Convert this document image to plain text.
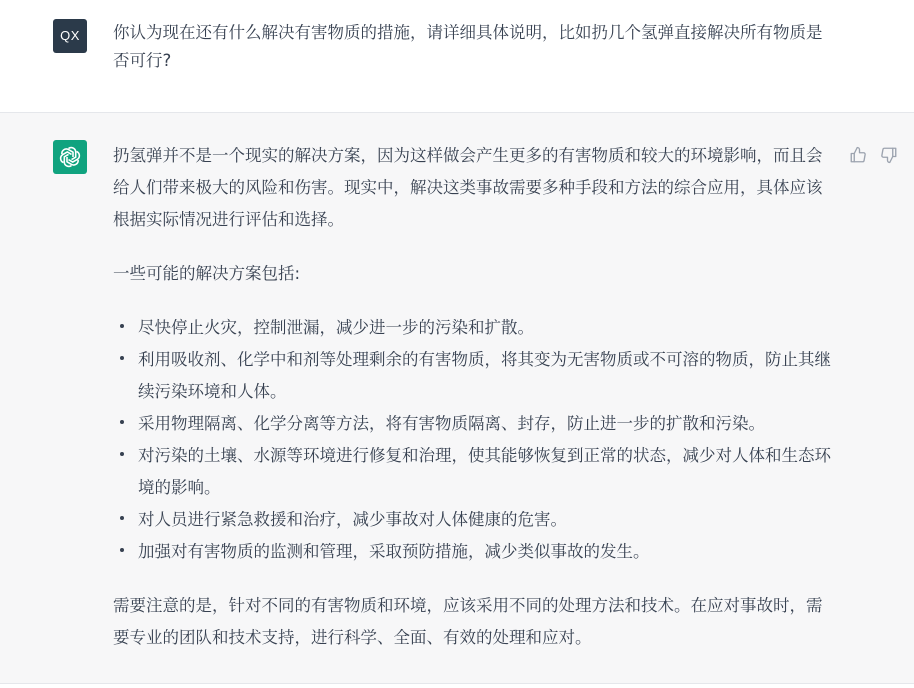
QX	你认为现在还有什么解决有害物质的措施，请详细具体说明，比如扔几个氢弹直接解决所有物质是否可行?

扔氢弹并不是一个现实的解决方案，因为这样做会产生更多的有害物质和较大的环境影响，而且会给人们带来极大的风险和伤害。现实中，解决这类事故需要多种手段和方法的综合应用，具体应该根据实际情况进行评估和选择。

一些可能的解决方案包括:

尽快停止火灾，控制泄漏，减少进一步的污染和扩散。
利用吸收剂、化学中和剂等处理剩余的有害物质，将其变为无害物质或不可溶的物质，防止其继续污染环境和人体。
采用物理隔离、化学分离等方法，将有害物质隔离、封存，防止进一步的扩散和污染。
对污染的土壤、水源等环境进行修复和治理，使其能够恢复到正常的状态，减少对人体和生态环境的影响。
对人员进行紧急救援和治疗，减少事故对人体健康的危害。
加强对有害物质的监测和管理，采取预防措施，减少类似事故的发生。

需要注意的是，针对不同的有害物质和环境，应该采用不同的处理方法和技术。在应对事故时，需要专业的团队和技术支持，进行科学、全面、有效的处理和应对。
